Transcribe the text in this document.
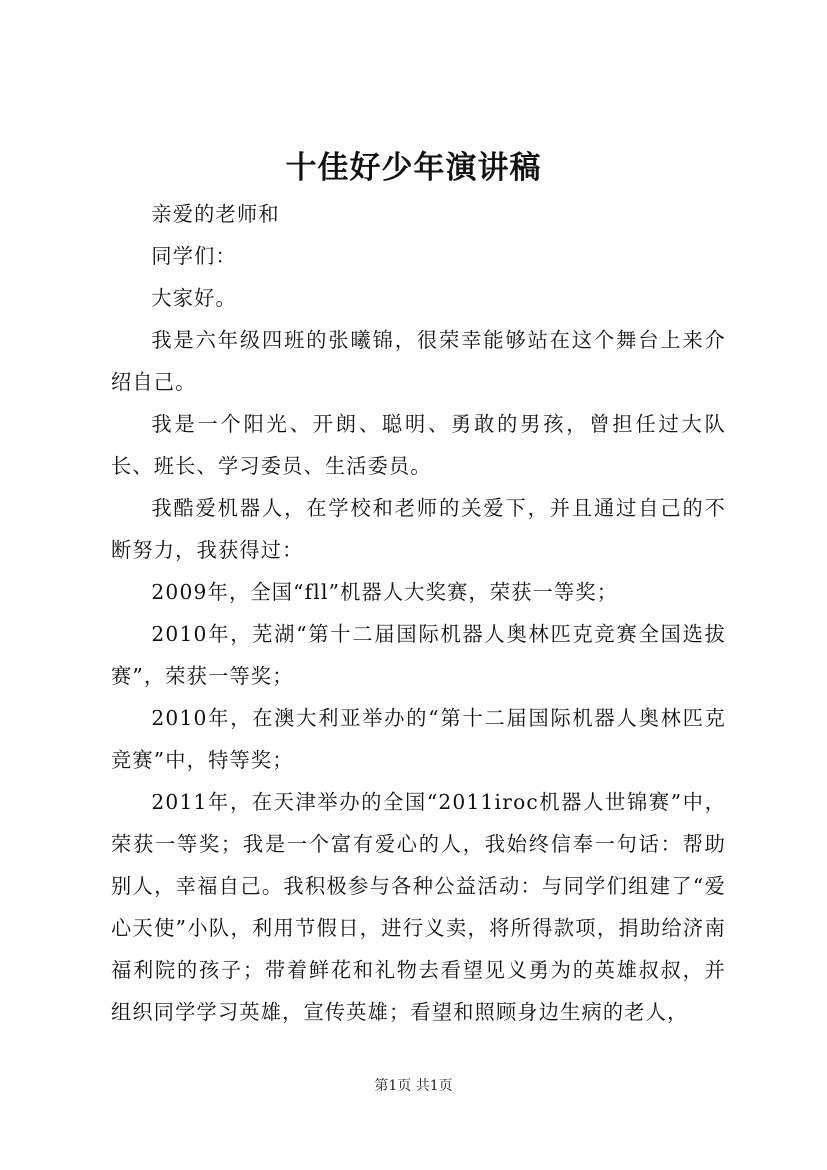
十佳好少年演讲稿

亲爱的老师和

同学们：

大家好。

我是六年级四班的张曦锦，很荣幸能够站在这个舞台上来介绍自己。

我是一个阳光、开朗、聪明、勇敢的男孩，曾担任过大队长、班长、学习委员、生活委员。

我酷爱机器人，在学校和老师的关爱下，并且通过自己的不断努力，我获得过：

2009年，全国“fll”机器人大奖赛，荣获一等奖；

2010年，芜湖“第十二届国际机器人奥林匹克竞赛全国选拔赛”，荣获一等奖；

2010年，在澳大利亚举办的“第十二届国际机器人奥林匹克竞赛”中，特等奖；

2011年，在天津举办的全国“2011iroc机器人世锦赛”中，荣获一等奖；我是一个富有爱心的人，我始终信奉一句话：帮助别人，幸福自己。我积极参与各种公益活动：与同学们组建了“爱心天使”小队，利用节假日，进行义卖，将所得款项，捐助给济南福利院的孩子；带着鲜花和礼物去看望见义勇为的英雄叔叔，并组织同学学习英雄，宣传英雄；看望和照顾身边生病的老人，

第1页 共1页
